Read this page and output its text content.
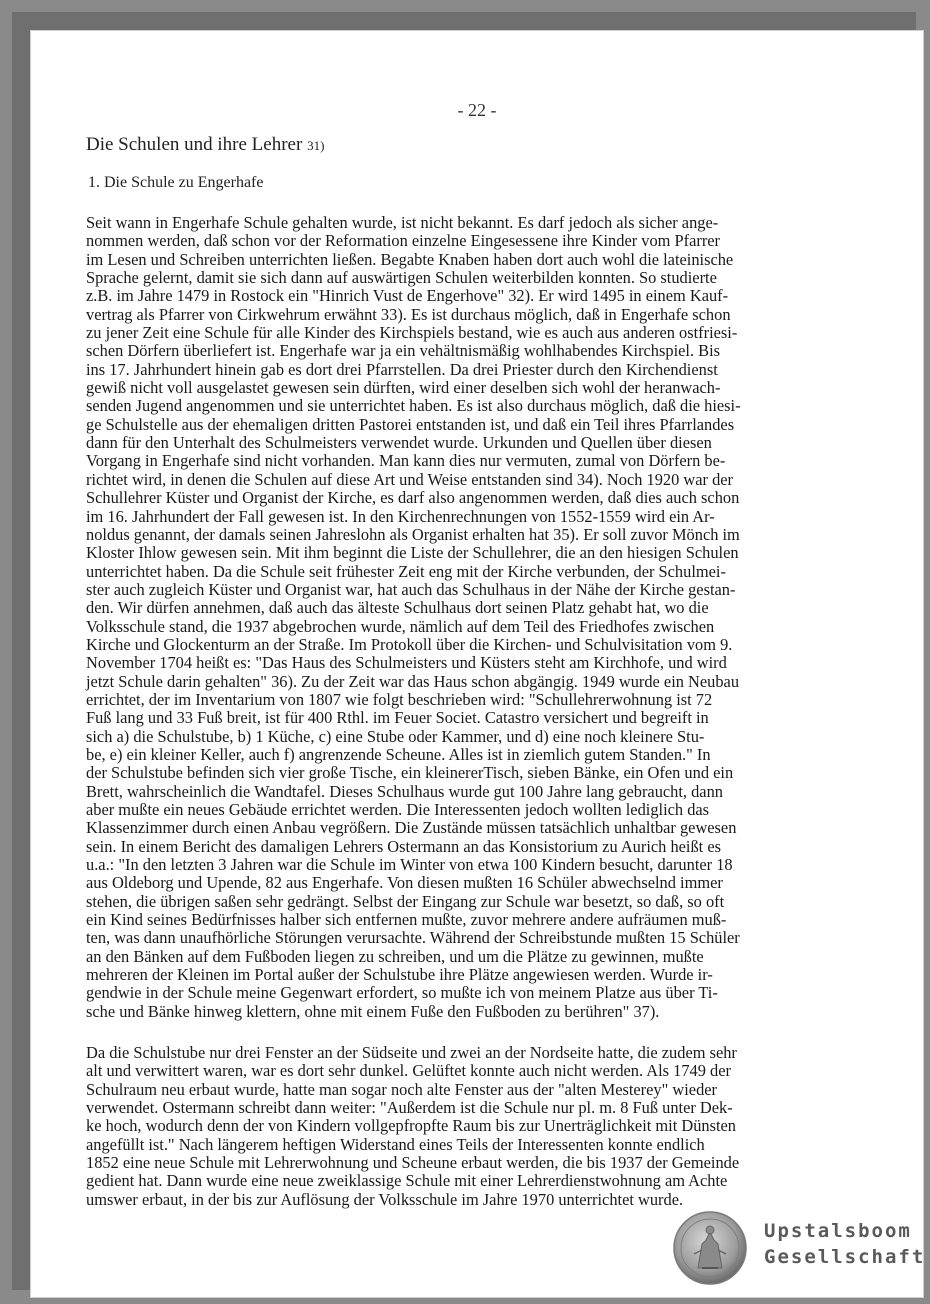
- 22 -
Die Schulen und ihre Lehrer 31)
1. Die Schule zu Engerhafe
Seit wann in Engerhafe Schule gehalten wurde, ist nicht bekannt. Es darf jedoch als sicher ange-
nommen werden, daß schon vor der Reformation einzelne Eingesessene ihre Kinder vom Pfarrer
im Lesen und Schreiben unterrichten ließen. Begabte Knaben haben dort auch wohl die lateinische
Sprache gelernt, damit sie sich dann auf auswärtigen Schulen weiterbilden konnten. So studierte
z.B. im Jahre 1479 in Rostock ein "Hinrich Vust de Engerhove" 32). Er wird 1495 in einem Kauf-
vertrag als Pfarrer von Cirkwehrum erwähnt 33). Es ist durchaus möglich, daß in Engerhafe schon
zu jener Zeit eine Schule für alle Kinder des Kirchspiels bestand, wie es auch aus anderen ostfriesi-
schen Dörfern überliefert ist. Engerhafe war ja ein vehältnismäßig wohlhabendes Kirchspiel. Bis
ins 17. Jahrhundert hinein gab es dort drei Pfarrstellen. Da drei Priester durch den Kirchendienst
gewiß nicht voll ausgelastet gewesen sein dürften, wird einer deselben sich wohl der heranwach-
senden Jugend angenommen und sie unterrichtet haben. Es ist also durchaus möglich, daß die hiesi-
ge Schulstelle aus der ehemaligen dritten Pastorei entstanden ist, und daß ein Teil ihres Pfarrlandes
dann für den Unterhalt des Schulmeisters verwendet wurde. Urkunden und Quellen über diesen
Vorgang in Engerhafe sind nicht vorhanden. Man kann dies nur vermuten, zumal von Dörfern be-
richtet wird, in denen die Schulen auf diese Art und Weise entstanden sind 34). Noch 1920 war der
Schullehrer Küster und Organist der Kirche, es darf also angenommen werden, daß dies auch schon
im 16. Jahrhundert der Fall gewesen ist. In den Kirchenrechnungen von 1552-1559 wird ein Ar-
noldus genannt, der damals seinen Jahreslohn als Organist erhalten hat 35). Er soll zuvor Mönch im
Kloster Ihlow gewesen sein. Mit ihm beginnt die Liste der Schullehrer, die an den hiesigen Schulen
unterrichtet haben. Da die Schule seit frühester Zeit eng mit der Kirche verbunden, der Schulmei-
ster auch zugleich Küster und Organist war, hat auch das Schulhaus in der Nähe der Kirche gestan-
den. Wir dürfen annehmen, daß auch das älteste Schulhaus dort seinen Platz gehabt hat, wo die
Volksschule stand, die 1937 abgebrochen wurde, nämlich auf dem Teil des Friedhofes zwischen
Kirche und Glockenturm an der Straße. Im Protokoll über die Kirchen- und Schulvisitation vom 9.
November 1704 heißt es: "Das Haus des Schulmeisters und Küsters steht am Kirchhofe, und wird
jetzt Schule darin gehalten" 36). Zu der Zeit war das Haus schon abgängig. 1949 wurde ein Neubau
errichtet, der im Inventarium von 1807 wie folgt beschrieben wird: "Schullehrerwohnung ist 72
Fuß lang und 33 Fuß breit, ist für 400 Rthl. im Feuer Societ. Catastro versichert und begreift in
sich a) die Schulstube, b) 1 Küche, c) eine Stube oder Kammer, und d) eine noch kleinere Stu-
be, e) ein kleiner Keller, auch f) angrenzende Scheune. Alles ist in ziemlich gutem Standen." In
der Schulstube befinden sich vier große Tische, ein kleinererTisch, sieben Bänke, ein Ofen und ein
Brett, wahrscheinlich die Wandtafel. Dieses Schulhaus wurde gut 100 Jahre lang gebraucht, dann
aber mußte ein neues Gebäude errichtet werden. Die Interessenten jedoch wollten lediglich das
Klassenzimmer durch einen Anbau vegrößern. Die Zustände müssen tatsächlich unhaltbar gewesen
sein. In einem Bericht des damaligen Lehrers Ostermann an das Konsistorium zu Aurich heißt es
u.a.: "In den letzten 3 Jahren war die Schule im Winter von etwa 100 Kindern besucht, darunter 18
aus Oldeborg und Upende, 82 aus Engerhafe. Von diesen mußten 16 Schüler abwechselnd immer
stehen, die übrigen saßen sehr gedrängt. Selbst der Eingang zur Schule war besetzt, so daß, so oft
ein Kind seines Bedürfnisses halber sich entfernen mußte, zuvor mehrere andere aufräumen muß-
ten, was dann unaufhörliche Störungen verursachte. Während der Schreibstunde mußten 15 Schüler
an den Bänken auf dem Fußboden liegen zu schreiben, und um die Plätze zu gewinnen, mußte
mehreren der Kleinen im Portal außer der Schulstube ihre Plätze angewiesen werden. Wurde ir-
gendwie in der Schule meine Gegenwart erfordert, so mußte ich von meinem Platze aus über Ti-
sche und Bänke hinweg klettern, ohne mit einem Fuße den Fußboden zu berühren" 37).
Da die Schulstube nur drei Fenster an der Südseite und zwei an der Nordseite hatte, die zudem sehr
alt und verwittert waren, war es dort sehr dunkel. Gelüftet konnte auch nicht werden. Als 1749 der
Schulraum neu erbaut wurde, hatte man sogar noch alte Fenster aus der "alten Mesterey" wieder
verwendet. Ostermann schreibt dann weiter: "Außerdem ist die Schule nur pl. m. 8 Fuß unter Dek-
ke hoch, wodurch denn der von Kindern vollgepfropfte Raum bis zur Unerträglichkeit mit Dünsten
angefüllt ist." Nach längerem heftigen Widerstand eines Teils der Interessenten konnte endlich
1852 eine neue Schule mit Lehrerwohnung und Scheune erbaut werden, die bis 1937 der Gemeinde
gedient hat. Dann wurde eine neue zweiklassige Schule mit einer Lehrerdienstwohnung am Achte
umswer erbaut, in der bis zur Auflösung der Volksschule im Jahre 1970 unterrichtet wurde.
Upstalsboom
Gesellschaft
